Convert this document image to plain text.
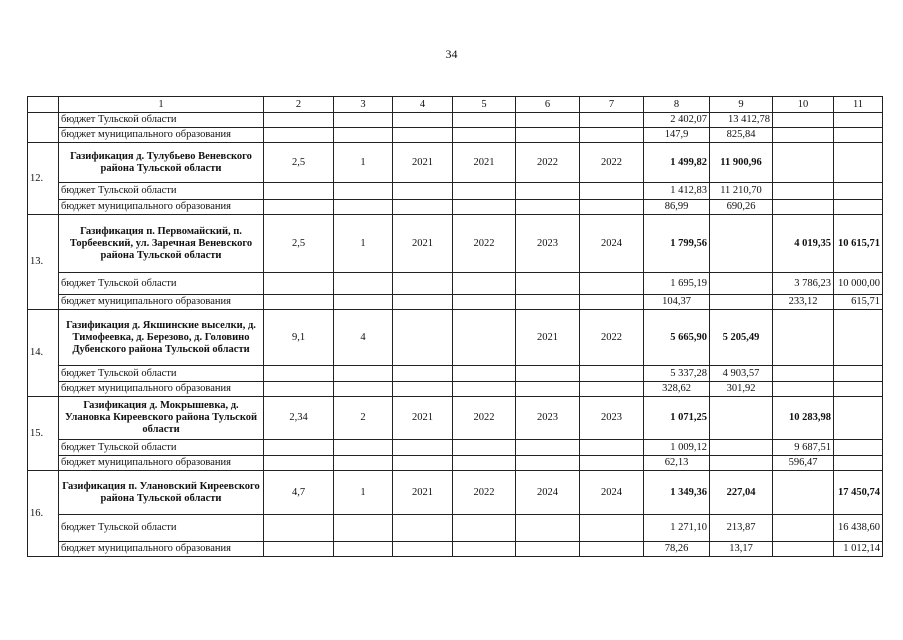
34
	1	2	3	4	5	6	7	8	9	10	11
	бюджет Тульской области							2 402,07	13 412,78		
	бюджет муниципального образования							147,9	825,84		
12.	Газификация д. Тулубьево Веневского района Тульской области	2,5	1	2021	2021	2022	2022	1 499,82	11 900,96		
	бюджет Тульской области							1 412,83	11 210,70		
	бюджет муниципального образования							86,99	690,26		
13.	Газификация п. Первомайский, п. Торбеевский, ул. Заречная Веневского района Тульской области	2,5	1	2021	2022	2023	2024	1 799,56		4 019,35	10 615,71
	бюджет Тульской области							1 695,19		3 786,23	10 000,00
	бюджет муниципального образования							104,37		233,12	615,71
14.	Газификация д. Якшинские выселки, д. Тимофеевка, д. Березово, д. Головино Дубенского района Тульской области	9,1	4			2021	2022	5 665,90	5 205,49		
	бюджет Тульской области							5 337,28	4 903,57		
	бюджет муниципального образования							328,62	301,92		
15.	Газификация д. Мокрышевка, д. Улановка Киреевского района Тульской области	2,34	2	2021	2022	2023	2023	1 071,25		10 283,98	
	бюджет Тульской области							1 009,12		9 687,51	
	бюджет муниципального образования							62,13		596,47	
16.	Газификация п. Улановский Киреевского района Тульской области	4,7	1	2021	2022	2024	2024	1 349,36	227,04		17 450,74
	бюджет Тульской области							1 271,10	213,87		16 438,60
	бюджет муниципального образования							78,26	13,17		1 012,14
